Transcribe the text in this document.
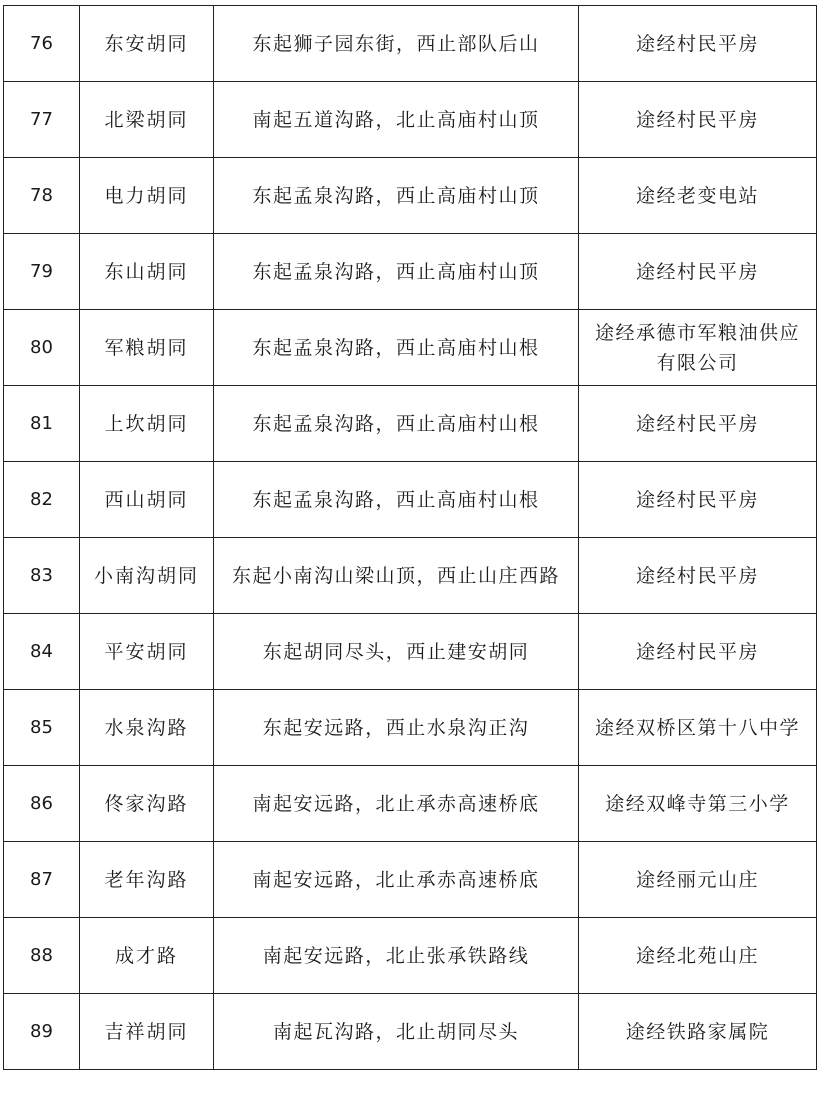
76	东安胡同	东起狮子园东街，西止部队后山	途经村民平房
77	北梁胡同	南起五道沟路，北止高庙村山顶	途经村民平房
78	电力胡同	东起孟泉沟路，西止高庙村山顶	途经老变电站
79	东山胡同	东起孟泉沟路，西止高庙村山顶	途经村民平房
80	军粮胡同	东起孟泉沟路，西止高庙村山根	途经承德市军粮油供应有限公司
81	上坎胡同	东起孟泉沟路，西止高庙村山根	途经村民平房
82	西山胡同	东起孟泉沟路，西止高庙村山根	途经村民平房
83	小南沟胡同	东起小南沟山梁山顶，西止山庄西路	途经村民平房
84	平安胡同	东起胡同尽头，西止建安胡同	途经村民平房
85	水泉沟路	东起安远路，西止水泉沟正沟	途经双桥区第十八中学
86	佟家沟路	南起安远路，北止承赤高速桥底	途经双峰寺第三小学
87	老年沟路	南起安远路，北止承赤高速桥底	途经丽元山庄
88	成才路	南起安远路，北止张承铁路线	途经北苑山庄
89	吉祥胡同	南起瓦沟路，北止胡同尽头	途经铁路家属院
